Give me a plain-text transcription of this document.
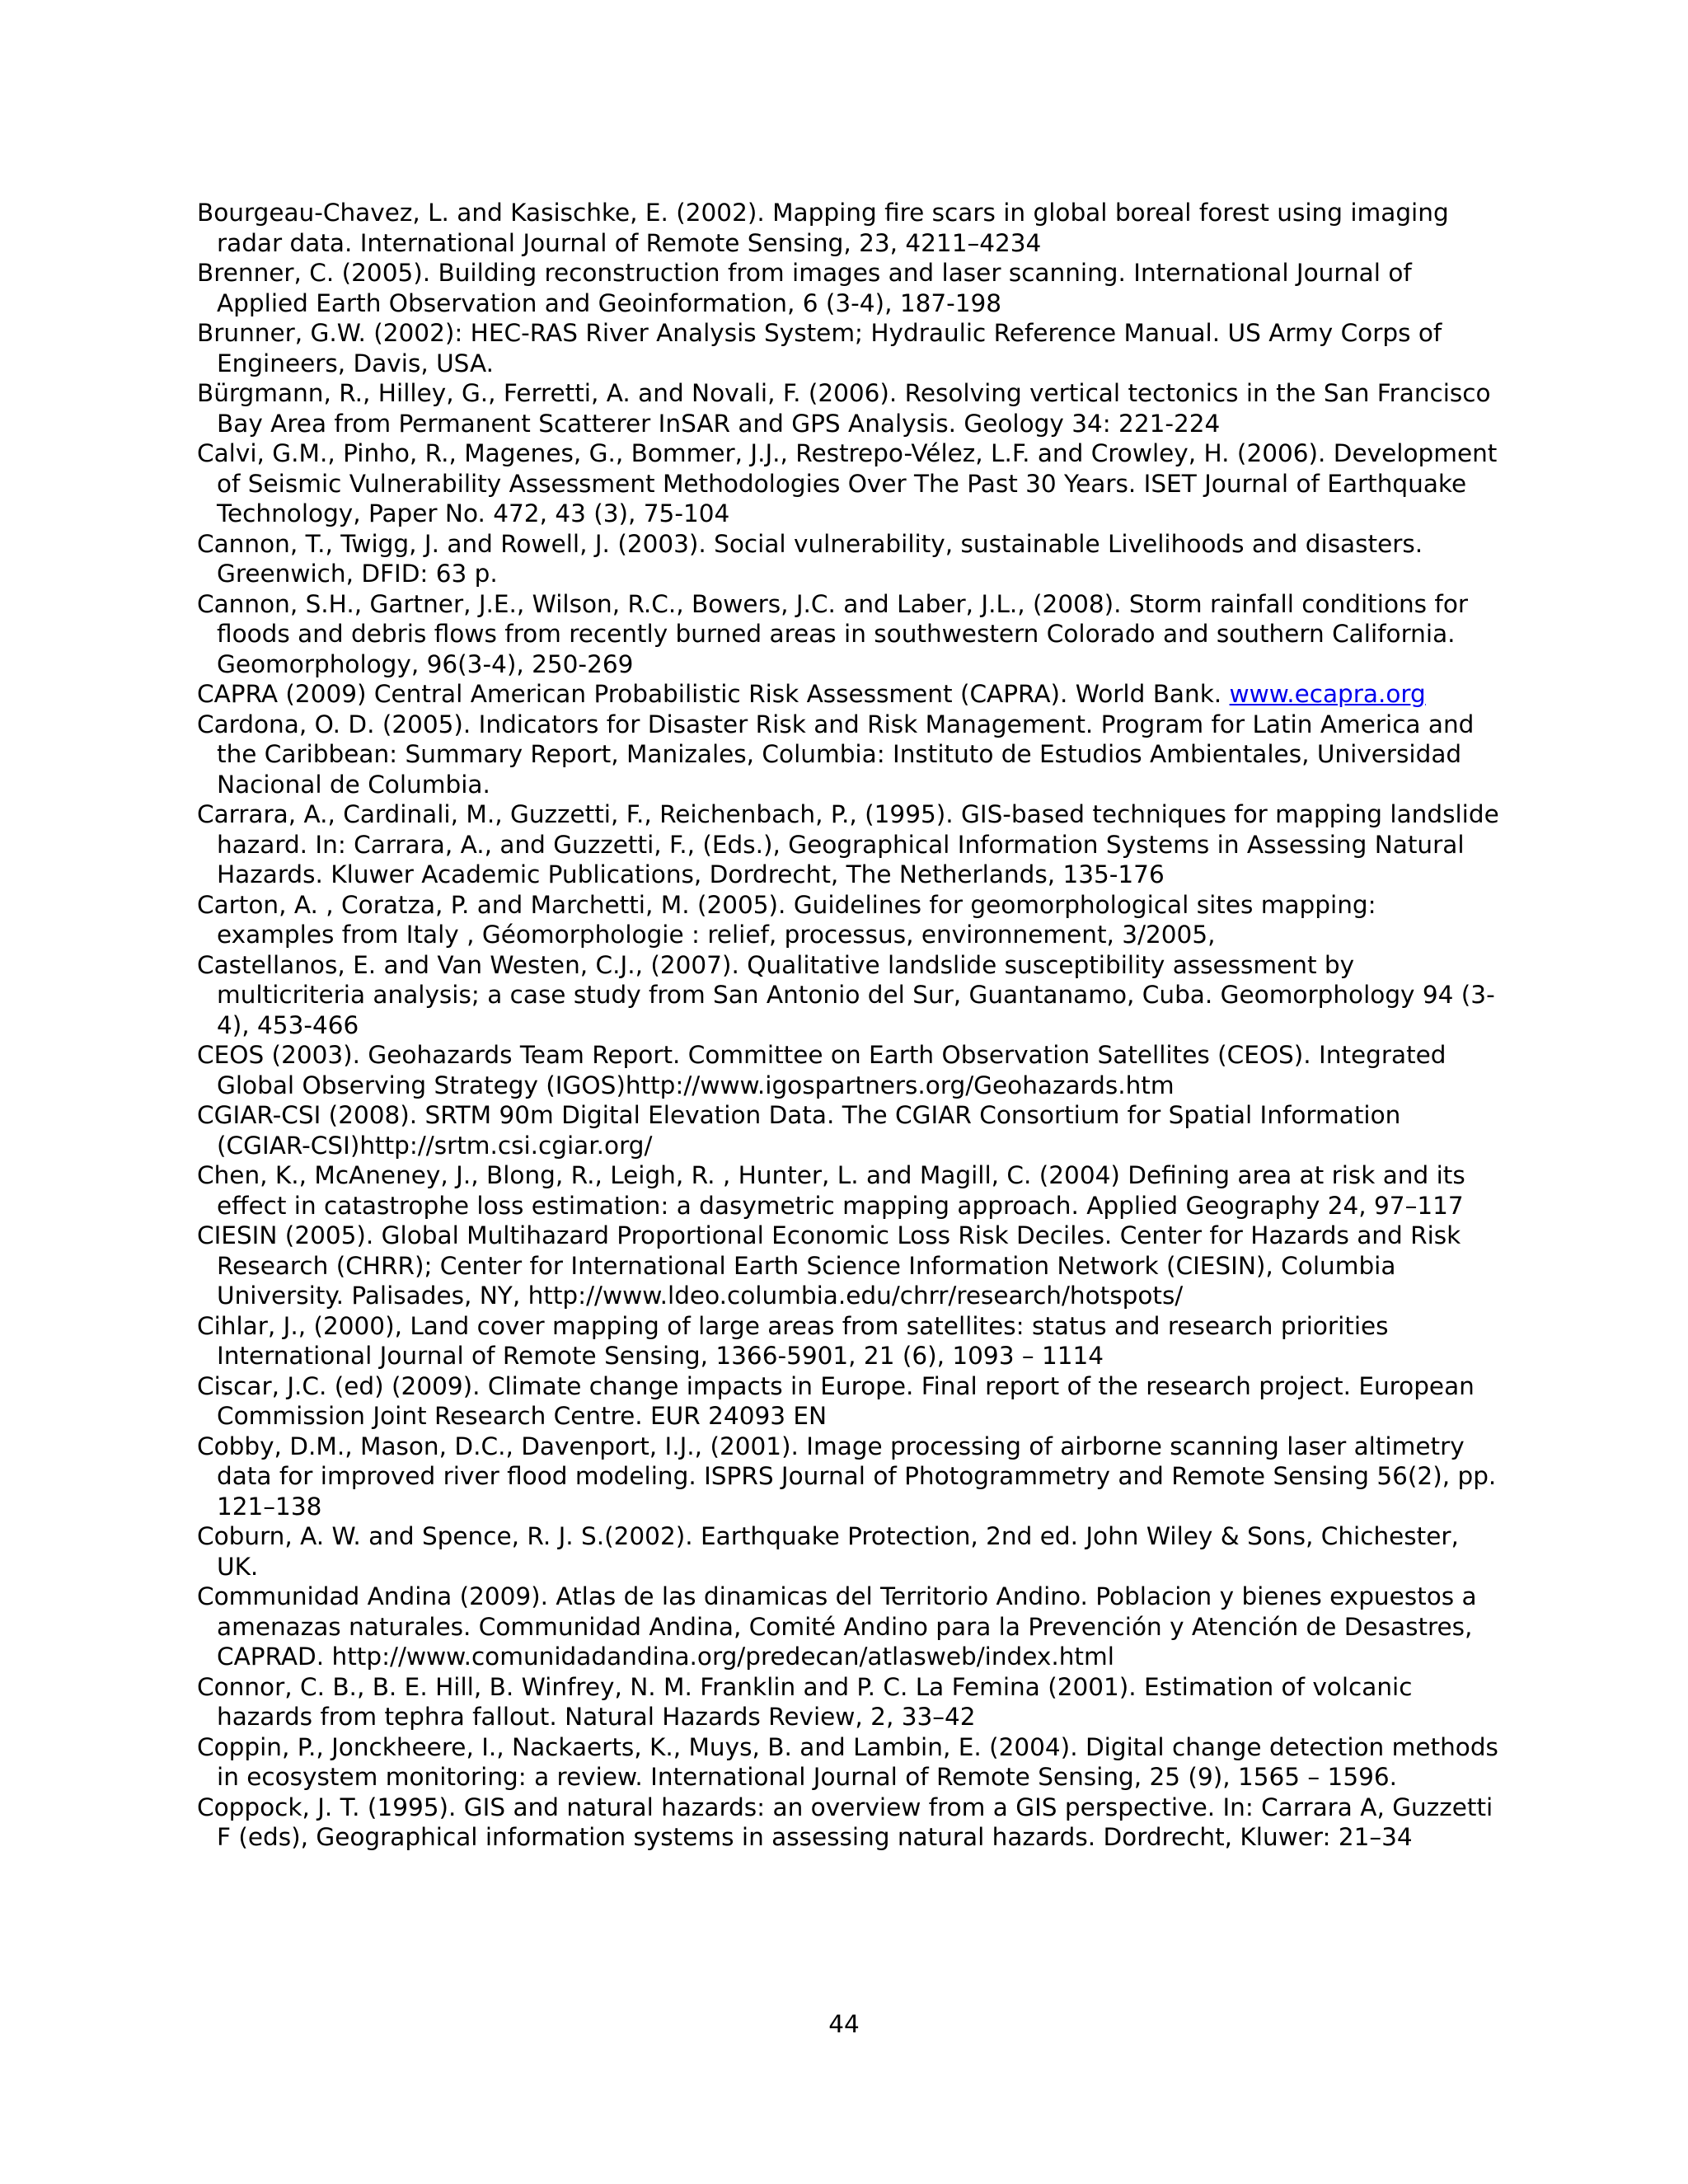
Bourgeau-Chavez, L. and Kasischke, E. (2002). Mapping fire scars in global boreal forest using imaging radar data. International Journal of Remote Sensing, 23, 4211–4234
Brenner, C. (2005). Building reconstruction from images and laser scanning. International Journal of Applied Earth Observation and Geoinformation, 6 (3-4), 187-198
Brunner, G.W. (2002): HEC-RAS River Analysis System; Hydraulic Reference Manual. US Army Corps of Engineers, Davis, USA.
Bürgmann, R., Hilley, G., Ferretti, A. and Novali, F. (2006). Resolving vertical tectonics in the San Francisco Bay Area from Permanent Scatterer InSAR and GPS Analysis. Geology 34: 221-224
Calvi, G.M., Pinho, R., Magenes, G., Bommer, J.J., Restrepo-Vélez, L.F. and Crowley, H. (2006). Development of Seismic Vulnerability Assessment Methodologies Over The Past 30 Years. ISET Journal of Earthquake Technology, Paper No. 472, 43 (3), 75-104
Cannon, T., Twigg, J. and Rowell, J. (2003). Social vulnerability, sustainable Livelihoods and disasters. Greenwich, DFID: 63 p.
Cannon, S.H., Gartner, J.E., Wilson, R.C., Bowers, J.C. and Laber, J.L., (2008). Storm rainfall conditions for floods and debris flows from recently burned areas in southwestern Colorado and southern California. Geomorphology, 96(3-4), 250-269
CAPRA (2009) Central American Probabilistic Risk Assessment (CAPRA). World Bank. www.ecapra.org
Cardona, O. D. (2005). Indicators for Disaster Risk and Risk Management. Program for Latin America and the Caribbean: Summary Report, Manizales, Columbia: Instituto de Estudios Ambientales, Universidad Nacional de Columbia.
Carrara, A., Cardinali, M., Guzzetti, F., Reichenbach, P., (1995). GIS-based techniques for mapping landslide hazard. In: Carrara, A., and Guzzetti, F., (Eds.), Geographical Information Systems in Assessing Natural Hazards. Kluwer Academic Publications, Dordrecht, The Netherlands, 135-176
Carton, A. , Coratza, P. and Marchetti, M. (2005). Guidelines for geomorphological sites mapping: examples from Italy , Géomorphologie : relief, processus, environnement, 3/2005,
Castellanos, E. and Van Westen, C.J., (2007). Qualitative landslide susceptibility assessment by multicriteria analysis; a case study from San Antonio del Sur, Guantanamo, Cuba. Geomorphology 94 (3-4), 453-466
CEOS (2003). Geohazards Team Report. Committee on Earth Observation Satellites (CEOS). Integrated Global Observing Strategy (IGOS)http://www.igospartners.org/Geohazards.htm
CGIAR-CSI (2008). SRTM 90m Digital Elevation Data. The CGIAR Consortium for Spatial Information (CGIAR-CSI)http://srtm.csi.cgiar.org/
Chen, K., McAneney, J., Blong, R., Leigh, R. , Hunter, L. and Magill, C. (2004) Defining area at risk and its effect in catastrophe loss estimation: a dasymetric mapping approach. Applied Geography 24, 97–117
CIESIN (2005). Global Multihazard Proportional Economic Loss Risk Deciles. Center for Hazards and Risk Research (CHRR); Center for International Earth Science Information Network (CIESIN), Columbia University. Palisades, NY, http://www.ldeo.columbia.edu/chrr/research/hotspots/
Cihlar, J., (2000), Land cover mapping of large areas from satellites: status and research priorities International Journal of Remote Sensing, 1366-5901, 21 (6), 1093 – 1114
Ciscar, J.C. (ed) (2009). Climate change impacts in Europe. Final report of the research project. European Commission Joint Research Centre. EUR 24093 EN
Cobby, D.M., Mason, D.C., Davenport, I.J., (2001). Image processing of airborne scanning laser altimetry data for improved river flood modeling. ISPRS Journal of Photogrammetry and Remote Sensing 56(2), pp. 121–138
Coburn, A. W. and Spence, R. J. S.(2002). Earthquake Protection, 2nd ed. John Wiley & Sons, Chichester, UK.
Communidad Andina (2009). Atlas de las dinamicas del Territorio Andino. Poblacion y bienes expuestos a amenazas naturales. Communidad Andina, Comité Andino para la Prevención y Atención de Desastres, CAPRAD. http://www.comunidadandina.org/predecan/atlasweb/index.html
Connor, C. B., B. E. Hill, B. Winfrey, N. M. Franklin and P. C. La Femina (2001). Estimation of volcanic hazards from tephra fallout. Natural Hazards Review, 2, 33–42
Coppin, P., Jonckheere, I., Nackaerts, K., Muys, B. and Lambin, E. (2004). Digital change detection methods in ecosystem monitoring: a review. International Journal of Remote Sensing, 25 (9), 1565 – 1596.
Coppock, J. T. (1995). GIS and natural hazards: an overview from a GIS perspective. In: Carrara A, Guzzetti F (eds), Geographical information systems in assessing natural hazards. Dordrecht, Kluwer: 21–34
44
